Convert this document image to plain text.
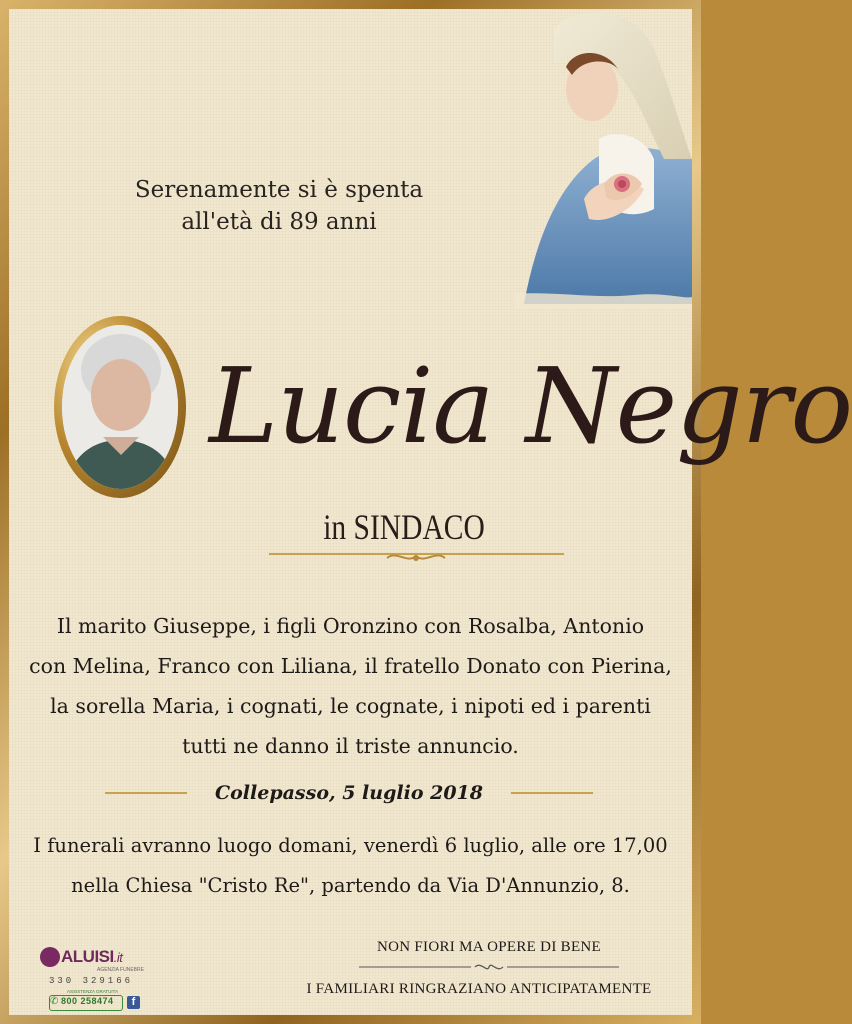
Serenamente si è spenta
all'età di 89 anni
Lucia Negro
in SINDACO
Il marito Giuseppe, i figli Oronzino con Rosalba, Antonio
con Melina, Franco con Liliana, il fratello Donato con Pierina,
la sorella Maria, i cognati, le cognate, i nipoti ed i parenti
tutti ne danno il triste annuncio.
Collepasso, 5 luglio 2018
I funerali avranno luogo domani, venerdì 6 luglio, alle ore 17,00
nella Chiesa "Cristo Re", partendo da Via D'Annunzio, 8.
ALUISI.it
AGENZIA FUNEBRE
330 329166
ASSISTENZA GRATUITA
✆ 800 258474	f
NON FIORI MA OPERE DI BENE
I FAMILIARI RINGRAZIANO ANTICIPATAMENTE
